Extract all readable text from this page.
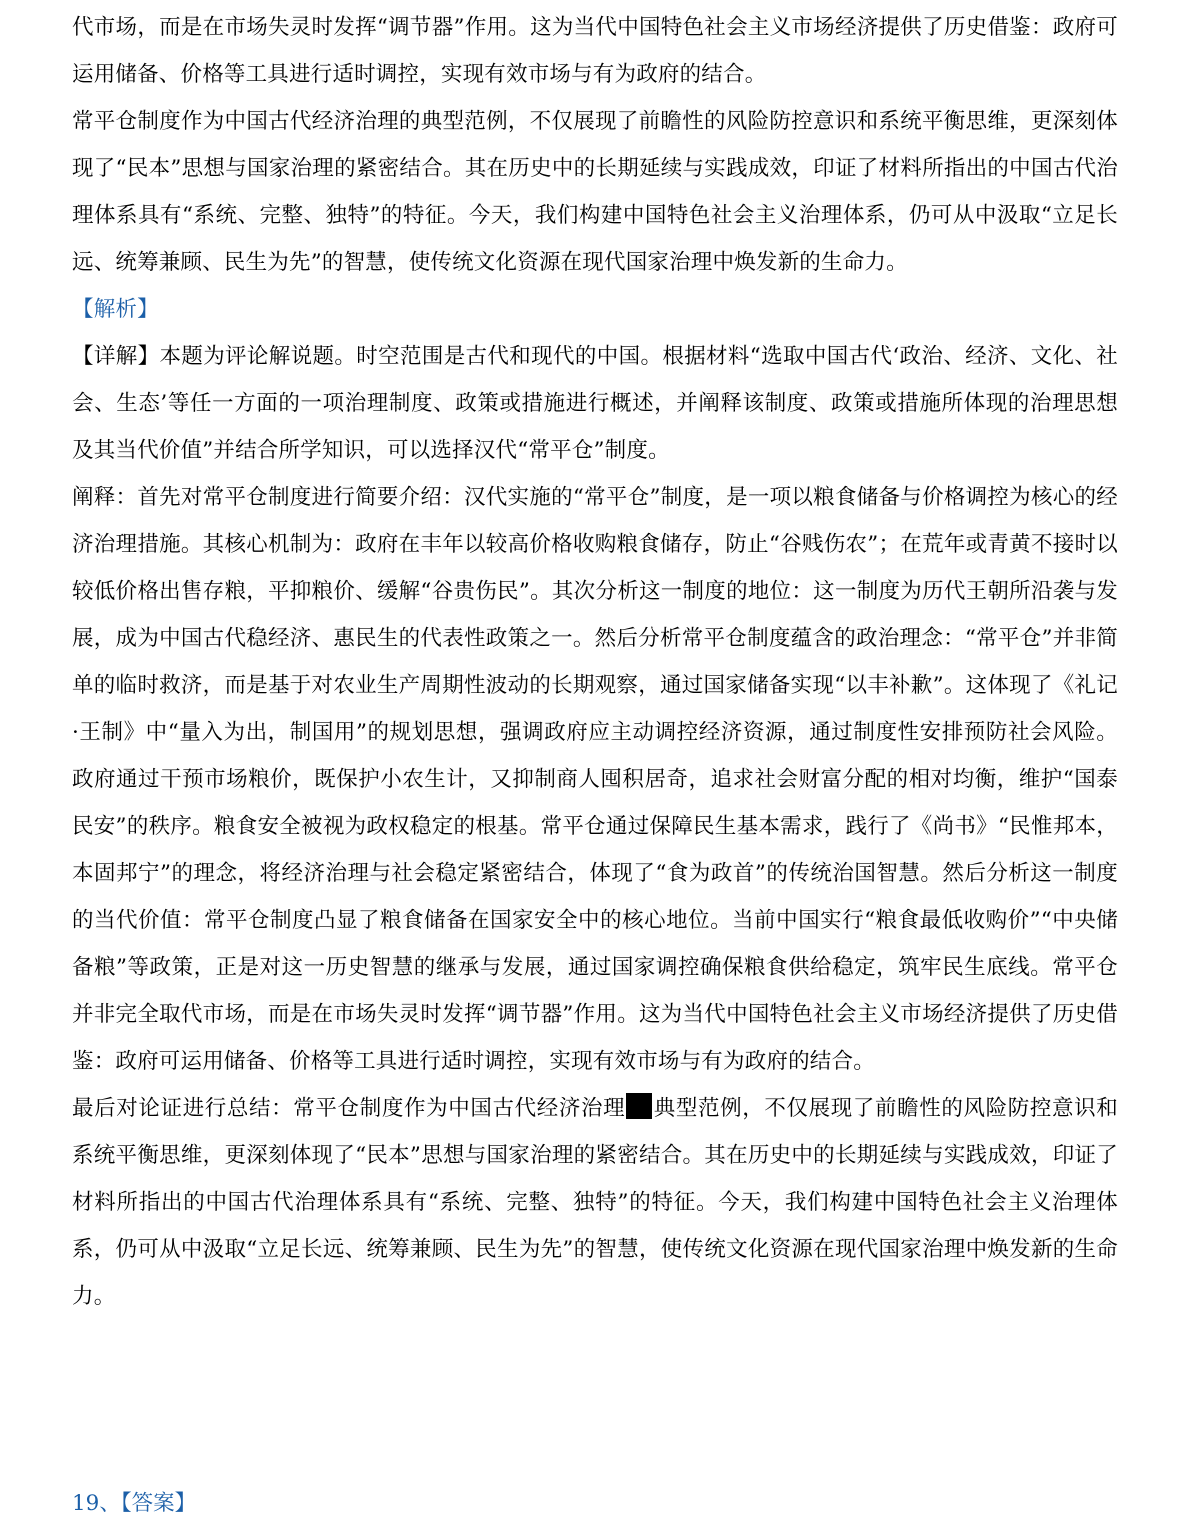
代市场，而是在市场失灵时发挥“调节器”作用。这为当代中国特色社会主义市场经济提供了历史借鉴：政府可运用储备、价格等工具进行适时调控，实现有效市场与有为政府的结合。

常平仓制度作为中国古代经济治理的典型范例，不仅展现了前瞻性的风险防控意识和系统平衡思维，更深刻体现了“民本”思想与国家治理的紧密结合。其在历史中的长期延续与实践成效，印证了材料所指出的中国古代治理体系具有“系统、完整、独特”的特征。今天，我们构建中国特色社会主义治理体系，仍可从中汲取“立足长远、统筹兼顾、民生为先”的智慧，使传统文化资源在现代国家治理中焕发新的生命力。

【解析】

【详解】本题为评论解说题。时空范围是古代和现代的中国。根据材料“选取中国古代‘政治、经济、文化、社会、生态’等任一方面的一项治理制度、政策或措施进行概述，并阐释该制度、政策或措施所体现的治理思想及其当代价值”并结合所学知识，可以选择汉代“常平仓”制度。

阐释：首先对常平仓制度进行简要介绍：汉代实施的“常平仓”制度，是一项以粮食储备与价格调控为核心的经济治理措施。其核心机制为：政府在丰年以较高价格收购粮食储存，防止“谷贱伤农”；在荒年或青黄不接时以较低价格出售存粮，平抑粮价、缓解“谷贵伤民”。其次分析这一制度的地位：这一制度为历代王朝所沿袭与发展，成为中国古代稳经济、惠民生的代表性政策之一。然后分析常平仓制度蕴含的政治理念：“常平仓”并非简单的临时救济，而是基于对农业生产周期性波动的长期观察，通过国家储备实现“以丰补歉”。这体现了《礼记·王制》中“量入为出，制国用”的规划思想，强调政府应主动调控经济资源，通过制度性安排预防社会风险。政府通过干预市场粮价，既保护小农生计，又抑制商人囤积居奇，追求社会财富分配的相对均衡，维护“国泰民安”的秩序。粮食安全被视为政权稳定的根基。常平仓通过保障民生基本需求，践行了《尚书》“民惟邦本，本固邦宁”的理念，将经济治理与社会稳定紧密结合，体现了“食为政首”的传统治国智慧。然后分析这一制度的当代价值：常平仓制度凸显了粮食储备在国家安全中的核心地位。当前中国实行“粮食最低收购价”“中央储备粮”等政策，正是对这一历史智慧的继承与发展，通过国家调控确保粮食供给稳定，筑牢民生底线。常平仓并非完全取代市场，而是在市场失灵时发挥“调节器”作用。这为当代中国特色社会主义市场经济提供了历史借鉴：政府可运用储备、价格等工具进行适时调控，实现有效市场与有为政府的结合。

最后对论证进行总结：常平仓制度作为中国古代经济治理 典型范例，不仅展现了前瞻性的风险防控意识和系统平衡思维，更深刻体现了“民本”思想与国家治理的紧密结合。其在历史中的长期延续与实践成效，印证了材料所指出的中国古代治理体系具有“系统、完整、独特”的特征。今天，我们构建中国特色社会主义治理体系，仍可从中汲取“立足长远、统筹兼顾、民生为先”的智慧，使传统文化资源在现代国家治理中焕发新的生命力。

19、【答案】
